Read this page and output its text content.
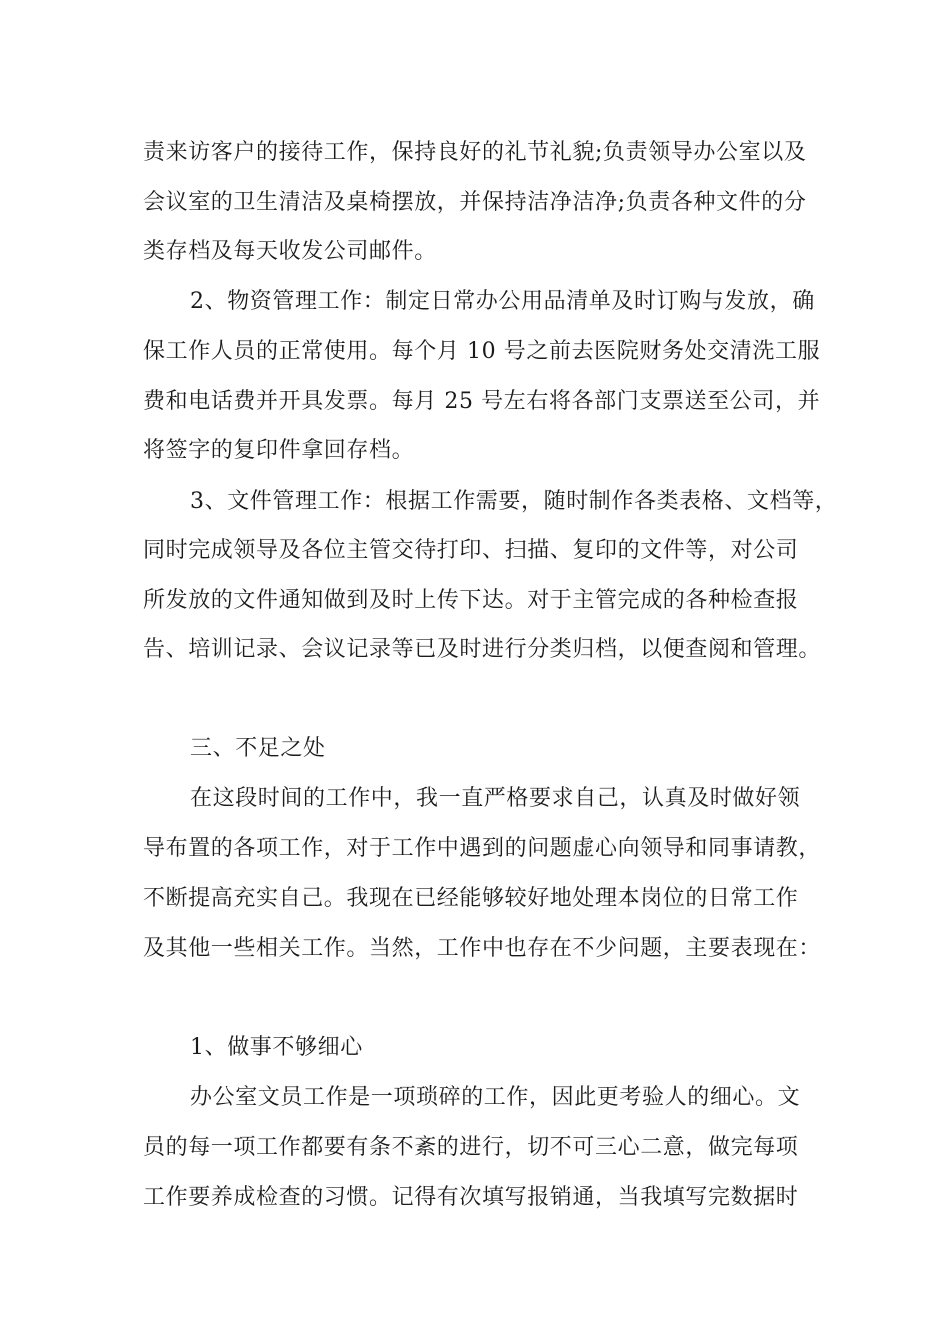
责来访客户的接待工作，保持良好的礼节礼貌;负责领导办公室以及
会议室的卫生清洁及桌椅摆放，并保持洁净洁净;负责各种文件的分
类存档及每天收发公司邮件。
2、物资管理工作：制定日常办公用品清单及时订购与发放，确
保工作人员的正常使用。每个月 10 号之前去医院财务处交清洗工服
费和电话费并开具发票。每月 25 号左右将各部门支票送至公司，并
将签字的复印件拿回存档。
3、文件管理工作：根据工作需要，随时制作各类表格、文档等，
同时完成领导及各位主管交待打印、扫描、复印的文件等，对公司
所发放的文件通知做到及时上传下达。对于主管完成的各种检查报
告、培训记录、会议记录等已及时进行分类归档，以便查阅和管理。
三、不足之处
在这段时间的工作中，我一直严格要求自己，认真及时做好领
导布置的各项工作，对于工作中遇到的问题虚心向领导和同事请教，
不断提高充实自己。我现在已经能够较好地处理本岗位的日常工作
及其他一些相关工作。当然，工作中也存在不少问题，主要表现在：
1、做事不够细心
办公室文员工作是一项琐碎的工作，因此更考验人的细心。文
员的每一项工作都要有条不紊的进行，切不可三心二意，做完每项
工作要养成检查的习惯。记得有次填写报销通，当我填写完数据时
